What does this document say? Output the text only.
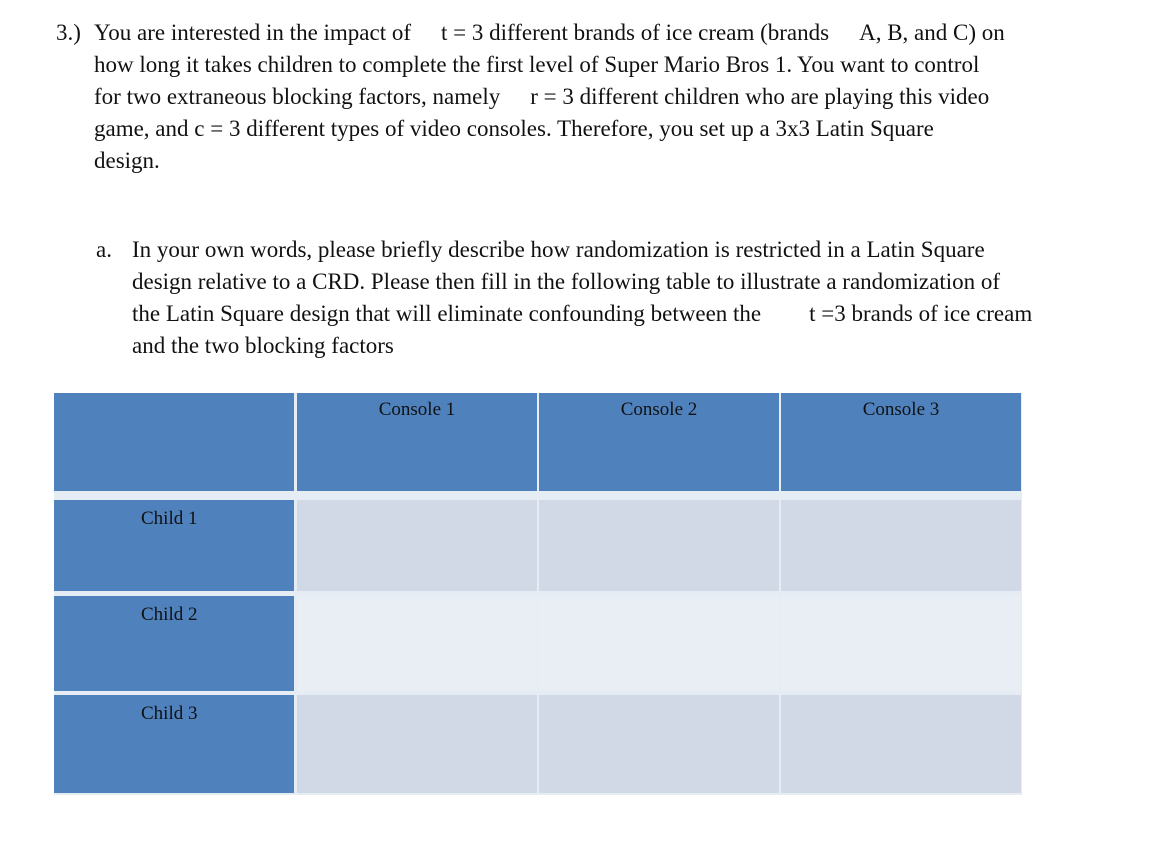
3.) You are interested in the impact of t = 3 different brands of ice cream (brands A, B, and C) on
how long it takes children to complete the first level of Super Mario Bros 1. You want to control
for two extraneous blocking factors, namely r = 3 different children who are playing this video
game, and c = 3 different types of video consoles. Therefore, you set up a 3x3 Latin Square
design.
a. In your own words, please briefly describe how randomization is restricted in a Latin Square
design relative to a CRD. Please then fill in the following table to illustrate a randomization of
the Latin Square design that will eliminate confounding between the t =3 brands of ice cream
and the two blocking factors
Console 1	Console 2	Console 3
Child 1
Child 2
Child 3
